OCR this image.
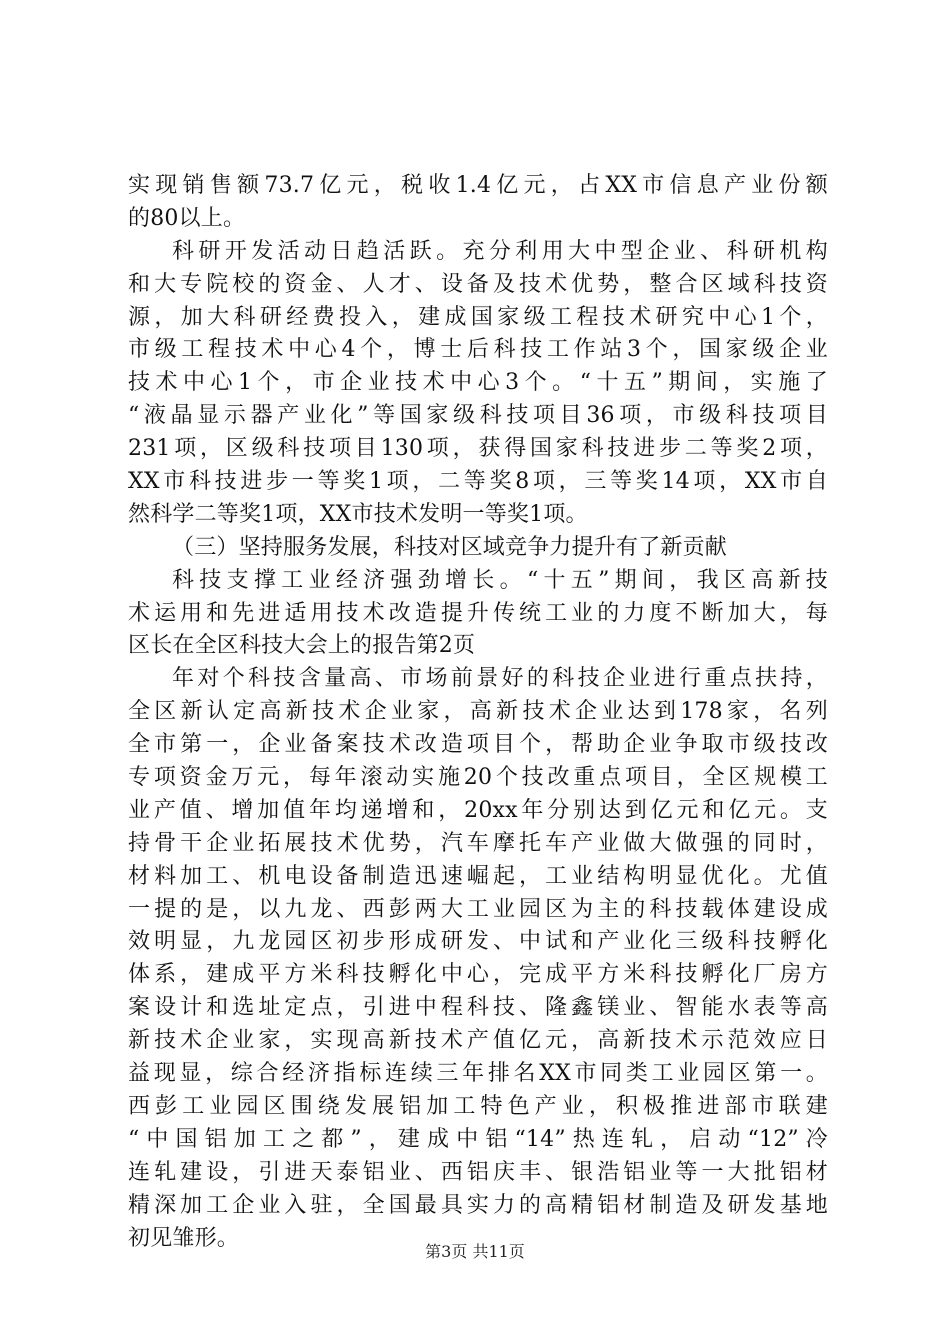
实现销售额73.7亿元，税收1.4亿元，占XX市信息产业份额
的80以上。
科研开发活动日趋活跃。充分利用大中型企业、科研机构
和大专院校的资金、人才、设备及技术优势，整合区域科技资
源，加大科研经费投入，建成国家级工程技术研究中心1个，
市级工程技术中心4个，博士后科技工作站3个，国家级企业
技术中心1个，市企业技术中心3个。“十五”期间，实施了
“液晶显示器产业化”等国家级科技项目36项，市级科技项目
231项，区级科技项目130项，获得国家科技进步二等奖2项，
XX市科技进步一等奖1项，二等奖8项，三等奖14项，XX市自
然科学二等奖1项，XX市技术发明一等奖1项。
（三）坚持服务发展，科技对区域竞争力提升有了新贡献
科技支撑工业经济强劲增长。“十五”期间，我区高新技
术运用和先进适用技术改造提升传统工业的力度不断加大，每
区长在全区科技大会上的报告第2页
年对个科技含量高、市场前景好的科技企业进行重点扶持，
全区新认定高新技术企业家，高新技术企业达到178家，名列
全市第一，企业备案技术改造项目个，帮助企业争取市级技改
专项资金万元，每年滚动实施20个技改重点项目，全区规模工
业产值、增加值年均递增和，20xx年分别达到亿元和亿元。支
持骨干企业拓展技术优势，汽车摩托车产业做大做强的同时，
材料加工、机电设备制造迅速崛起，工业结构明显优化。尤值
一提的是，以九龙、西彭两大工业园区为主的科技载体建设成
效明显，九龙园区初步形成研发、中试和产业化三级科技孵化
体系，建成平方米科技孵化中心，完成平方米科技孵化厂房方
案设计和选址定点，引进中程科技、隆鑫镁业、智能水表等高
新技术企业家，实现高新技术产值亿元，高新技术示范效应日
益现显，综合经济指标连续三年排名XX市同类工业园区第一。
西彭工业园区围绕发展铝加工特色产业，积极推进部市联建
“中国铝加工之都”，建成中铝“14”热连轧，启动“12”冷
连轧建设，引进天泰铝业、西铝庆丰、银浩铝业等一大批铝材
精深加工企业入驻，全国最具实力的高精铝材制造及研发基地
初见雏形。
第3页 共11页
